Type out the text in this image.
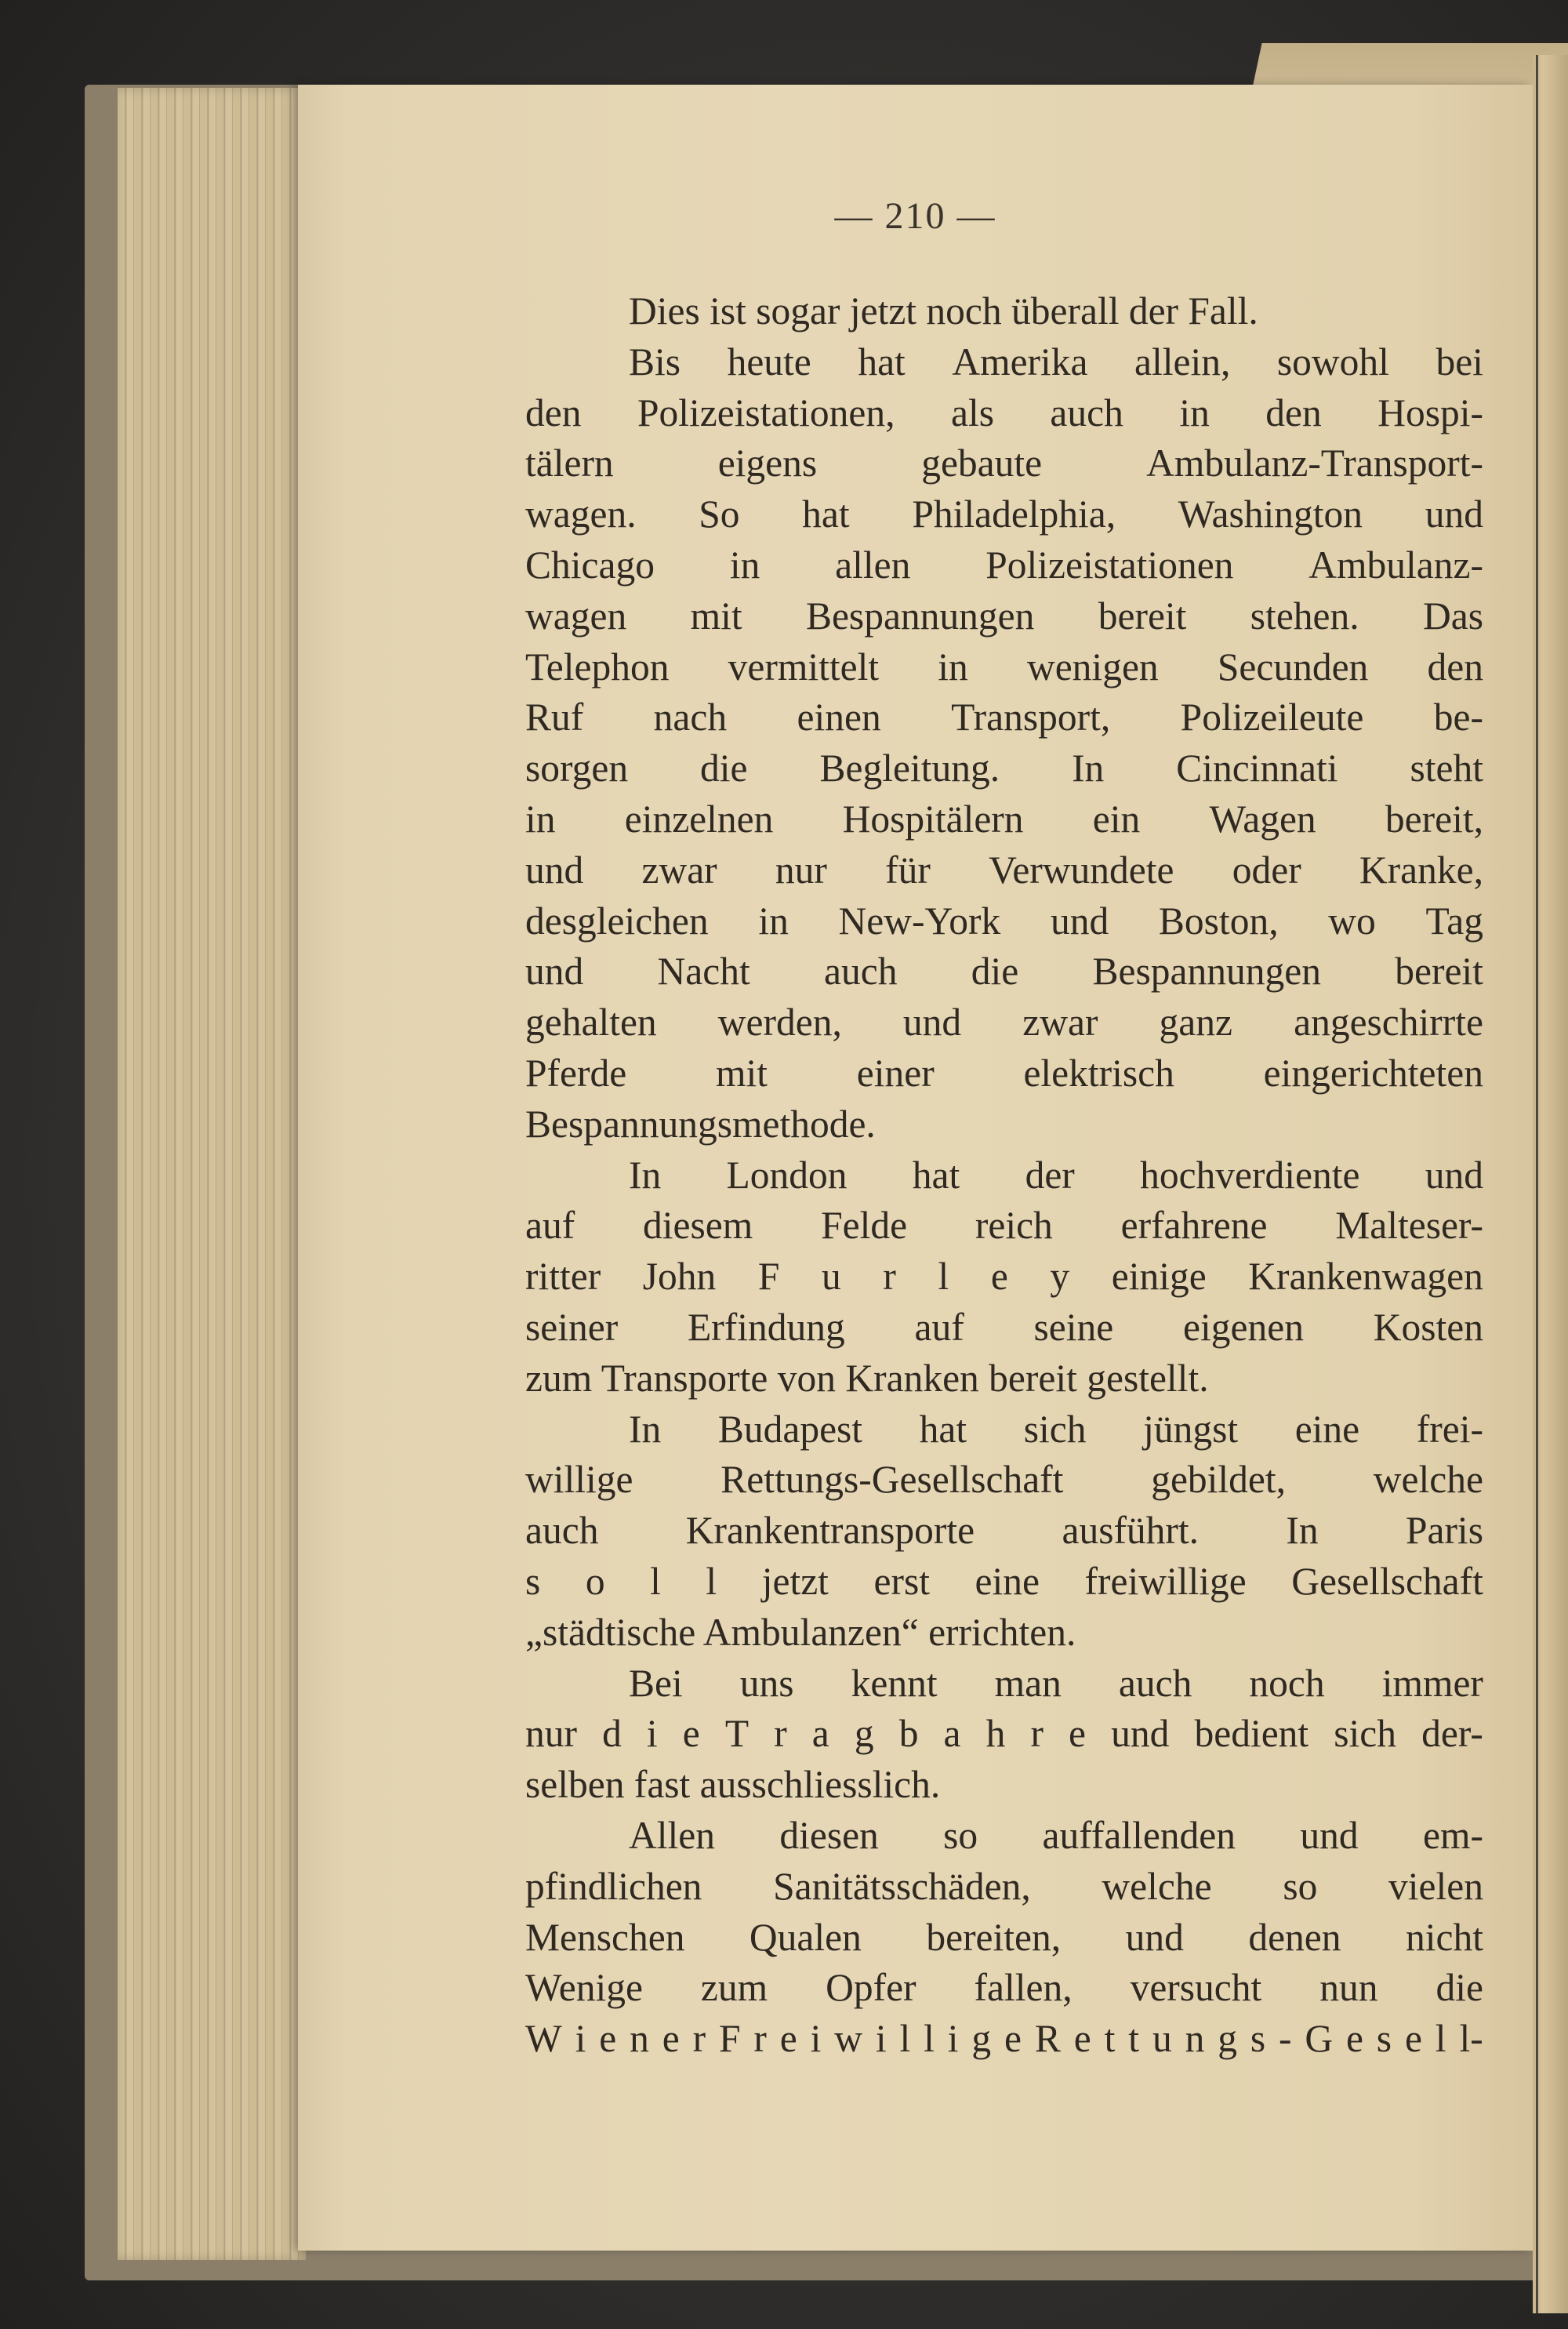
— 210 —
Dies ist sogar jetzt noch überall der Fall.
Bis heute hat Amerika allein, sowohl bei
den Polizeistationen, als auch in den Hospi-
tälern	eigens	gebaute	Ambulanz-Transport-
wagen. So hat Philadelphia, Washington und
Chicago in allen Polizeistationen Ambulanz-
wagen mit Bespannungen bereit stehen. Das
Telephon vermittelt in wenigen Secunden den
Ruf nach einen Transport, Polizeileute be-
sorgen die Begleitung. In Cincinnati steht
in einzelnen Hospitälern ein Wagen bereit,
und zwar nur für Verwundete oder Kranke,
desgleichen in New-York und Boston, wo Tag
und Nacht auch die Bespannungen bereit
gehalten werden, und zwar ganz angeschirrte
Pferde mit einer elektrisch eingerichteten
Bespannungsmethode.
In London hat der hochverdiente und
auf diesem Felde reich erfahrene Malteser-
ritter John F u r l e y einige Krankenwagen
seiner Erfindung auf seine eigenen Kosten
zum Transporte von Kranken bereit gestellt.
In Budapest hat sich jüngst eine frei-
willige Rettungs-Gesellschaft gebildet, welche
auch Krankentransporte ausführt. In Paris
s o l l jetzt erst eine freiwillige Gesellschaft
„städtische Ambulanzen“ errichten.
Bei uns kennt man auch noch immer
nur d i e T r a g b a h r e und bedient sich der-
selben fast ausschliesslich.
Allen diesen so auffallenden und em-
pfindlichen Sanitätsschäden, welche so vielen
Menschen Qualen bereiten, und denen nicht
Wenige zum Opfer fallen, versucht nun die
W i e n e r F r e i w i l l i g e R e t t u n g s - G e s e l l-
